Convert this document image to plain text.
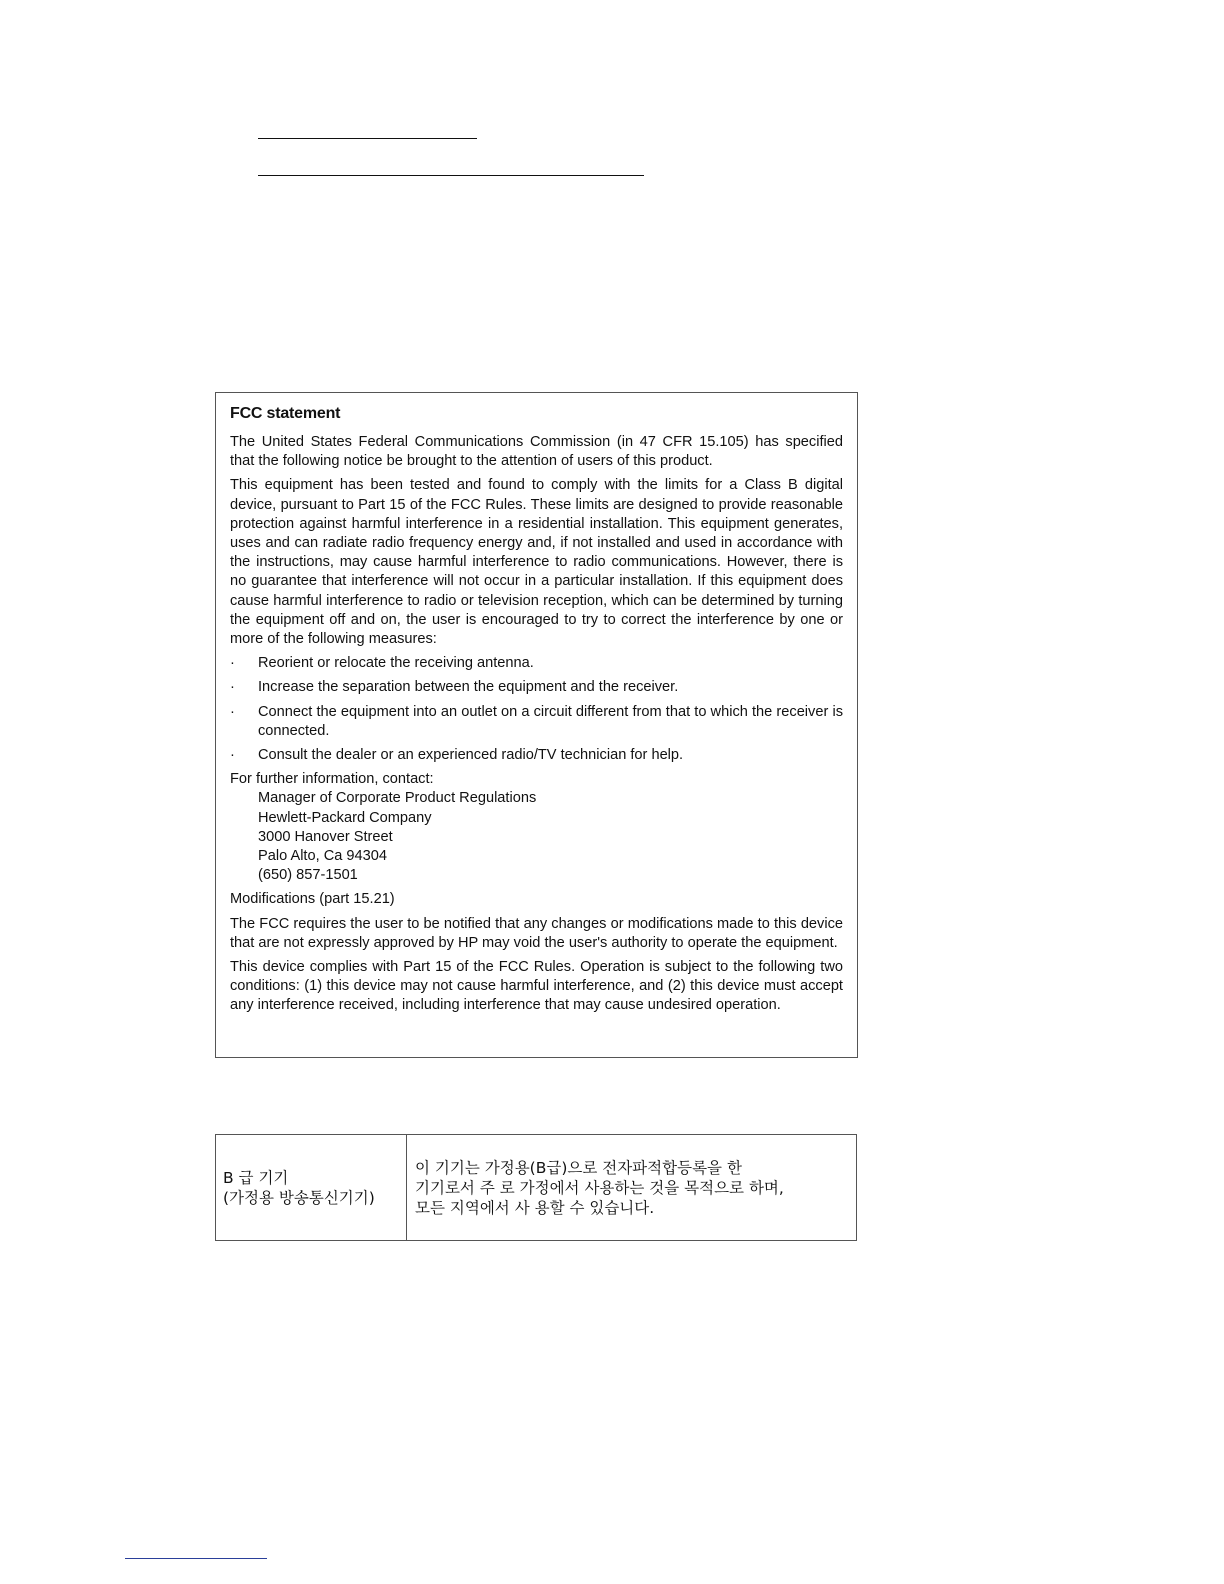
FCC statement

The United States Federal Communications Commission (in 47 CFR 15.105) has specified that the following notice be brought to the attention of users of this product.

This equipment has been tested and found to comply with the limits for a Class B digital device, pursuant to Part 15 of the FCC Rules. These limits are designed to provide reasonable protection against harmful interference in a residential installation. This equipment generates, uses and can radiate radio frequency energy and, if not installed and used in accordance with the instructions, may cause harmful interference to radio communications. However, there is no guarantee that interference will not occur in a particular installation. If this equipment does cause harmful interference to radio or television reception, which can be determined by turning the equipment off and on, the user is encouraged to try to correct the interference by one or more of the following measures:

· Reorient or relocate the receiving antenna.
· Increase the separation between the equipment and the receiver.
· Connect the equipment into an outlet on a circuit different from that to which the receiver is connected.
· Consult the dealer or an experienced radio/TV technician for help.

For further information, contact:

Manager of Corporate Product Regulations
Hewlett-Packard Company
3000 Hanover Street
Palo Alto, Ca 94304
(650) 857-1501

Modifications (part 15.21)

The FCC requires the user to be notified that any changes or modifications made to this device that are not expressly approved by HP may void the user's authority to operate the equipment.

This device complies with Part 15 of the FCC Rules. Operation is subject to the following two conditions: (1) this device may not cause harmful interference, and (2) this device must accept any interference received, including interference that may cause undesired operation.

B 급 기기
(가정용 방송통신기기)
이 기기는 가정용(B급)으로 전자파적합등록을 한
기기로서 주 로 가정에서 사용하는 것을 목적으로 하며,
모든 지역에서 사 용할 수 있습니다.
